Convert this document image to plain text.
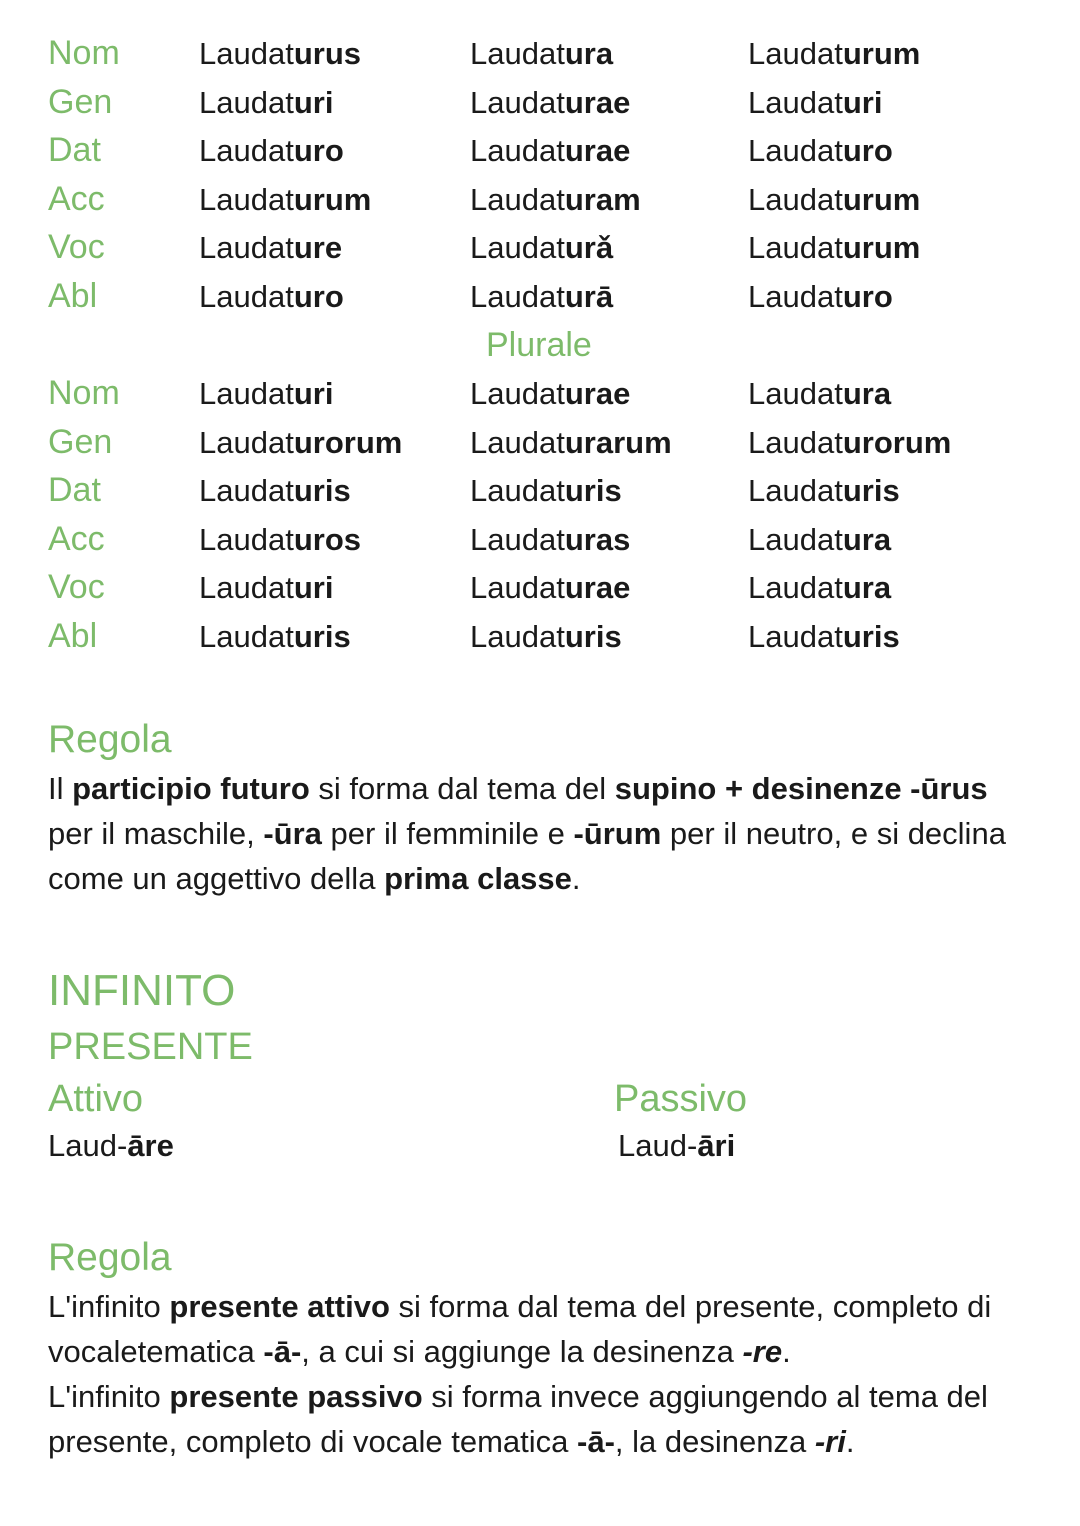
Nom	Laudaturus	Laudatura	Laudaturum
Gen	Laudaturi	Laudaturae	Laudaturi
Dat	Laudaturo	Laudaturae	Laudaturo
Acc	Laudaturum	Laudaturam	Laudaturum
Voc	Laudature	Laudaturǎ	Laudaturum
Abl	Laudaturo	Laudaturā	Laudaturo
Plurale
Nom	Laudaturi	Laudaturae	Laudatura
Gen	Laudaturorum Laudaturarum Laudaturorum
Dat	Laudaturis	Laudaturis	Laudaturis
Acc	Laudaturos	Laudaturas	Laudatura
Voc	Laudaturi	Laudaturae	Laudatura
Abl	Laudaturis	Laudaturis	Laudaturis
Regola
Il participio futuro si forma dal tema del supino + desinenze -ūrus per il maschile, -ūra per il femminile e -ūrum per il neutro, e si declina come un aggettivo della prima classe.
INFINITO
PRESENTE
Attivo	Passivo
Laud-āre	Laud-āri
Regola
L'infinito presente attivo si forma dal tema del presente, completo di vocaletematica -ā-, a cui si aggiunge la desinenza -re.
L'infinito presente passivo si forma invece aggiungendo al tema del presente, completo di vocale tematica -ā-, la desinenza -ri.
